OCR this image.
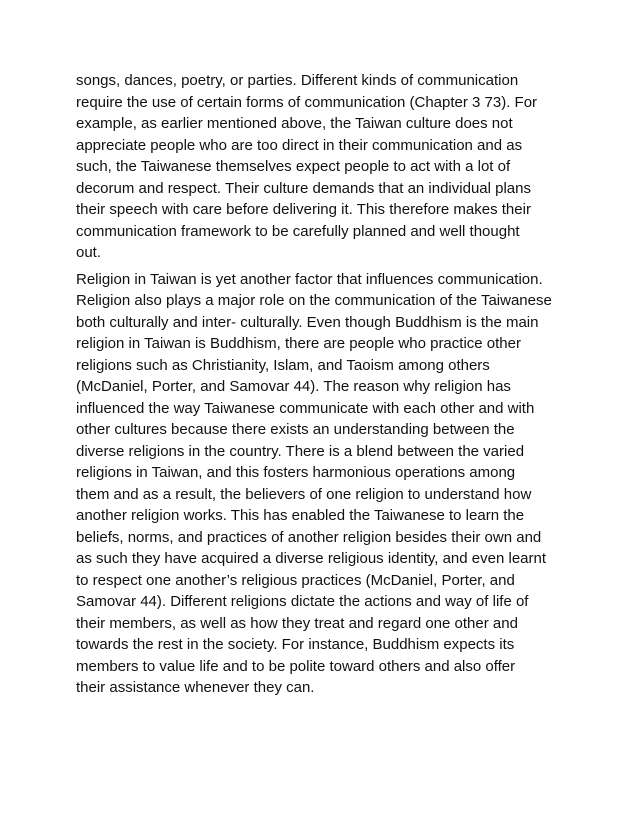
songs, dances, poetry, or parties. Different kinds of communication
require the use of certain forms of communication (Chapter 3 73). For
example, as earlier mentioned above, the Taiwan culture does not
appreciate people who are too direct in their communication and as
such, the Taiwanese themselves expect people to act with a lot of
decorum and respect. Their culture demands that an individual plans
their speech with care before delivering it. This therefore makes their
communication framework to be carefully planned and well thought
out.
Religion in Taiwan is yet another factor that influences communication.
Religion also plays a major role on the communication of the Taiwanese
both culturally and inter- culturally. Even though Buddhism is the main
religion in Taiwan is Buddhism, there are people who practice other
religions such as Christianity, Islam, and Taoism among others
(McDaniel, Porter, and Samovar 44). The reason why religion has
influenced the way Taiwanese communicate with each other and with
other cultures because there exists an understanding between the
diverse religions in the country. There is a blend between the varied
religions in Taiwan, and this fosters harmonious operations among
them and as a result, the believers of one religion to understand how
another religion works. This has enabled the Taiwanese to learn the
beliefs, norms, and practices of another religion besides their own and
as such they have acquired a diverse religious identity, and even learnt
to respect one another’s religious practices (McDaniel, Porter, and
Samovar 44). Different religions dictate the actions and way of life of
their members, as well as how they treat and regard one other and
towards the rest in the society. For instance, Buddhism expects its
members to value life and to be polite toward others and also offer
their assistance whenever they can.
